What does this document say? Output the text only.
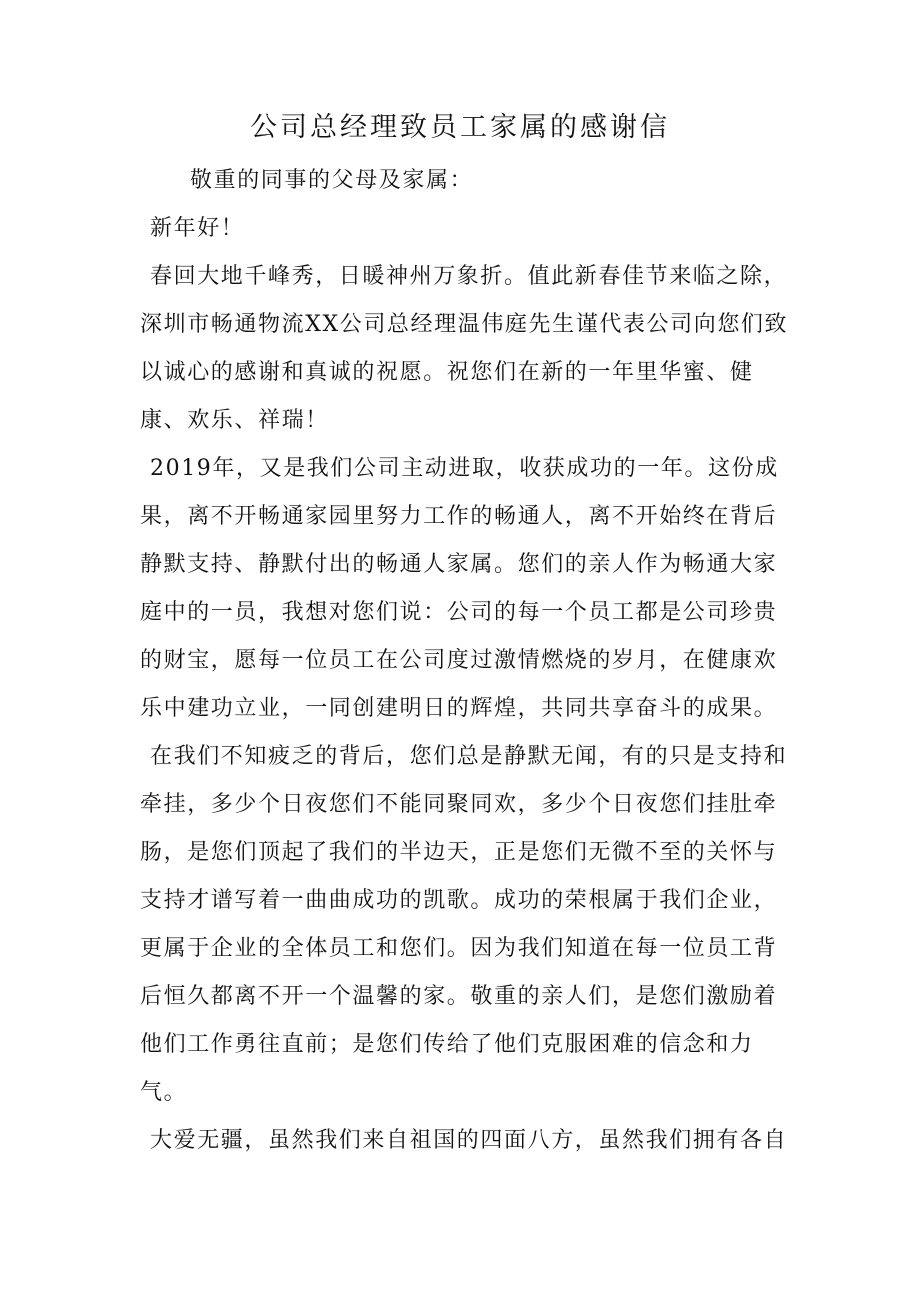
公司总经理致员工家属的感谢信
敬重的同事的父母及家属：
新年好！
春回大地千峰秀，日暖神州万象折。值此新春佳节来临之除，
深圳市畅通物流XX公司总经理温伟庭先生谨代表公司向您们致
以诚心的感谢和真诚的祝愿。祝您们在新的一年里华蜜、健
康、欢乐、祥瑞！
2019年，又是我们公司主动进取，收获成功的一年。这份成
果，离不开畅通家园里努力工作的畅通人，离不开始终在背后
静默支持、静默付出的畅通人家属。您们的亲人作为畅通大家
庭中的一员，我想对您们说：公司的每一个员工都是公司珍贵
的财宝，愿每一位员工在公司度过激情燃烧的岁月，在健康欢
乐中建功立业，一同创建明日的辉煌，共同共享奋斗的成果。
在我们不知疲乏的背后，您们总是静默无闻，有的只是支持和
牵挂，多少个日夜您们不能同聚同欢，多少个日夜您们挂肚牵
肠，是您们顶起了我们的半边天，正是您们无微不至的关怀与
支持才谱写着一曲曲成功的凯歌。成功的荣根属于我们企业，
更属于企业的全体员工和您们。因为我们知道在每一位员工背
后恒久都离不开一个温馨的家。敬重的亲人们，是您们激励着
他们工作勇往直前；是您们传给了他们克服困难的信念和力
气。
大爱无疆，虽然我们来自祖国的四面八方，虽然我们拥有各自
